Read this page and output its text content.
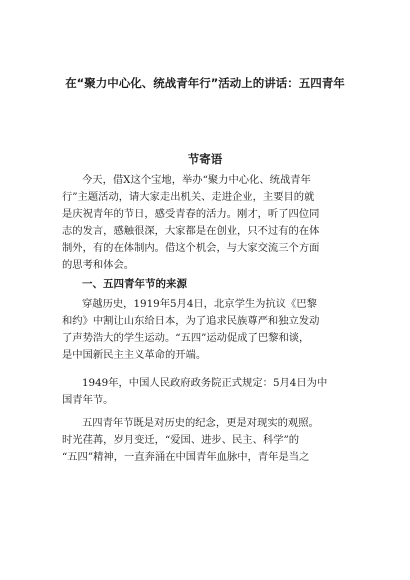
在“聚力中心化、统战青年行”活动上的讲话：五四青年
节寄语
今天，借X这个宝地，举办“聚力中心化、统战青年
行”主题活动，请大家走出机关、走进企业，主要目的就
是庆祝青年的节日，感受青春的活力。刚才，听了四位同
志的发言，感触很深，大家都是在创业，只不过有的在体
制外，有的在体制内。借这个机会，与大家交流三个方面
的思考和体会。
一、五四青年节的来源
穿越历史，1919年5月4日，北京学生为抗议《巴黎
和约》中割让山东给日本，为了追求民族尊严和独立发动
了声势浩大的学生运动。“五四”运动促成了巴黎和谈，
是中国新民主主义革命的开端。
1949年，中国人民政府政务院正式规定：5月4日为中
国青年节。
五四青年节既是对历史的纪念，更是对现实的观照。
时光荏苒，岁月变迁，“爱国、进步、民主、科学”的
“五四”精神，一直奔涌在中国青年血脉中，青年是当之
